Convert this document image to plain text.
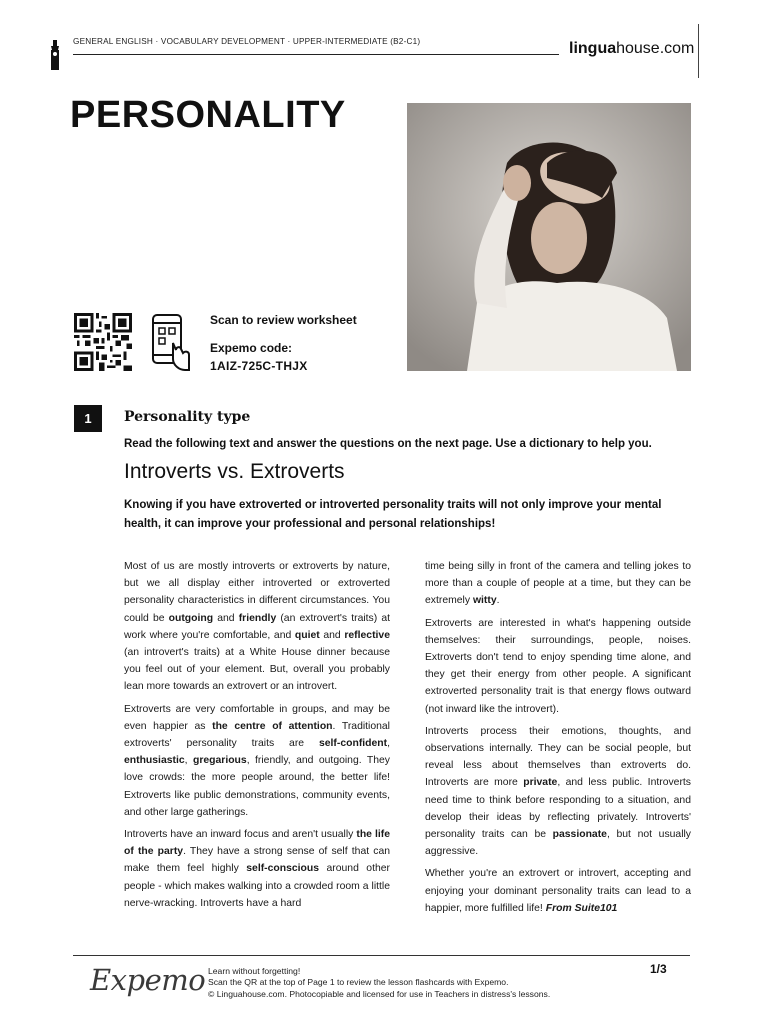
GENERAL ENGLISH · VOCABULARY DEVELOPMENT · UPPER-INTERMEDIATE (B2-C1)	linguahouse.com
PERSONALITY
Scan to review worksheet
Expemo code:
1AIZ-725C-THJX
1	Personality type
Read the following text and answer the questions on the next page. Use a dictionary to help you.
Introverts vs. Extroverts
Knowing if you have extroverted or introverted personality traits will not only improve your mental health, it can improve your professional and personal relationships!

Most of us are mostly introverts or extroverts by nature, but we all display either introverted or extroverted personality characteristics in different circumstances. You could be outgoing and friendly (an extrovert's traits) at work where you're comfortable, and quiet and reflective (an introvert's traits) at a White House dinner because you feel out of your element. But, overall you probably lean more towards an extrovert or an introvert.

Extroverts are very comfortable in groups, and may be even happier as the centre of attention. Traditional extroverts' personality traits are self-confident, enthusiastic, gregarious, friendly, and outgoing. They love crowds: the more people around, the better life! Extroverts like public demonstrations, community events, and other large gatherings.

Introverts have an inward focus and aren't usually the life of the party. They have a strong sense of self that can make them feel highly self-conscious around other people - which makes walking into a crowded room a little nerve-wracking. Introverts have a hard

time being silly in front of the camera and telling jokes to more than a couple of people at a time, but they can be extremely witty.

Extroverts are interested in what's happening outside themselves: their surroundings, people, noises. Extroverts don't tend to enjoy spending time alone, and they get their energy from other people. A significant extroverted personality trait is that energy flows outward (not inward like the introvert).

Introverts process their emotions, thoughts, and observations internally. They can be social people, but reveal less about themselves than extroverts do. Introverts are more private, and less public. Introverts need time to think before responding to a situation, and develop their ideas by reflecting privately. Introverts' personality traits can be passionate, but not usually aggressive.

Whether you're an extrovert or introvert, accepting and enjoying your dominant personality traits can lead to a happier, more fulfilled life! From Suite101

Expemo Learn without forgetting!
Scan the QR at the top of Page 1 to review the lesson flashcards with Expemo.
© Linguahouse.com. Photocopiable and licensed for use in Teachers in distress's lessons.
1/3
